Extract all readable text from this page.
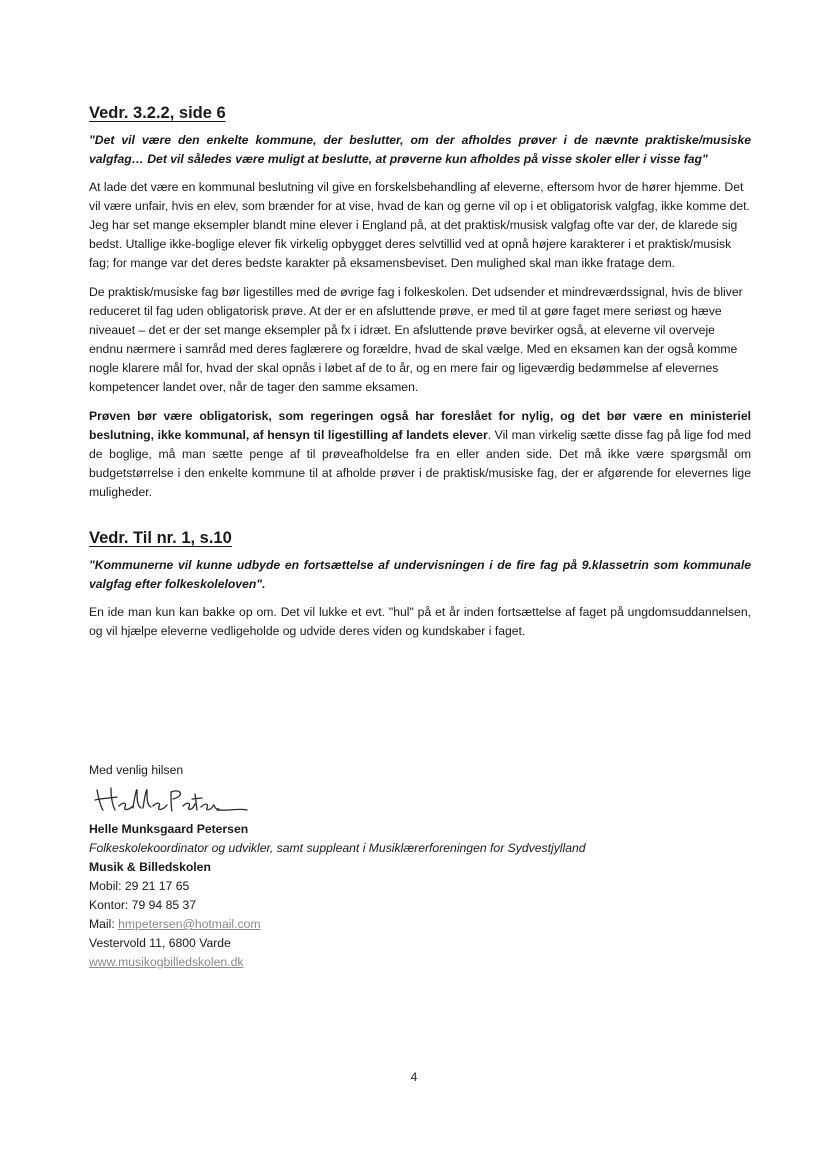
Vedr. 3.2.2, side 6

"Det vil være den enkelte kommune, der beslutter, om der afholdes prøver i de nævnte praktiske/musiske valgfag… Det vil således være muligt at beslutte, at prøverne kun afholdes på visse skoler eller i visse fag"

At lade det være en kommunal beslutning vil give en forskelsbehandling af eleverne, eftersom hvor de hører hjemme. Det vil være unfair, hvis en elev, som brænder for at vise, hvad de kan og gerne vil op i et obligatorisk valgfag, ikke komme det. Jeg har set mange eksempler blandt mine elever i England på, at det praktisk/musisk valgfag ofte var der, de klarede sig bedst. Utallige ikke-boglige elever fik virkelig opbygget deres selvtillid ved at opnå højere karakterer i et praktisk/musisk fag; for mange var det deres bedste karakter på eksamensbeviset. Den mulighed skal man ikke fratage dem.

De praktisk/musiske fag bør ligestilles med de øvrige fag i folkeskolen. Det udsender et mindreværdssignal, hvis de bliver reduceret til fag uden obligatorisk prøve. At der er en afsluttende prøve, er med til at gøre faget mere seriøst og hæve niveauet – det er der set mange eksempler på fx i idræt. En afsluttende prøve bevirker også, at eleverne vil overveje endnu nærmere i samråd med deres faglærere og forældre, hvad de skal vælge. Med en eksamen kan der også komme nogle klarere mål for, hvad der skal opnås i løbet af de to år, og en mere fair og ligeværdig bedømmelse af elevernes kompetencer landet over, når de tager den samme eksamen.

Prøven bør være obligatorisk, som regeringen også har foreslået for nylig, og det bør være en ministeriel beslutning, ikke kommunal, af hensyn til ligestilling af landets elever. Vil man virkelig sætte disse fag på lige fod med de boglige, må man sætte penge af til prøveafholdelse fra en eller anden side. Det må ikke være spørgsmål om budgetstørrelse i den enkelte kommune til at afholde prøver i de praktisk/musiske fag, der er afgørende for elevernes lige muligheder.

Vedr. Til nr. 1, s.10

"Kommunerne vil kunne udbyde en fortsættelse af undervisningen i de fire fag på 9.klassetrin som kommunale valgfag efter folkeskoleloven".

En ide man kun kan bakke op om. Det vil lukke et evt. "hul" på et år inden fortsættelse af faget på ungdomsuddannelsen, og vil hjælpe eleverne vedligeholde og udvide deres viden og kundskaber i faget.

Med venlig hilsen
Helle Munksgaard Petersen
Folkeskolekoordinator og udvikler, samt suppleant i Musiklærerforeningen for Sydvestjylland
Musik & Billedskolen
Mobil: 29 21 17 65
Kontor: 79 94 85 37
Mail: hmpetersen@hotmail.com
Vestervold 11, 6800 Varde
www.musikogbilledskolen.dk
4
